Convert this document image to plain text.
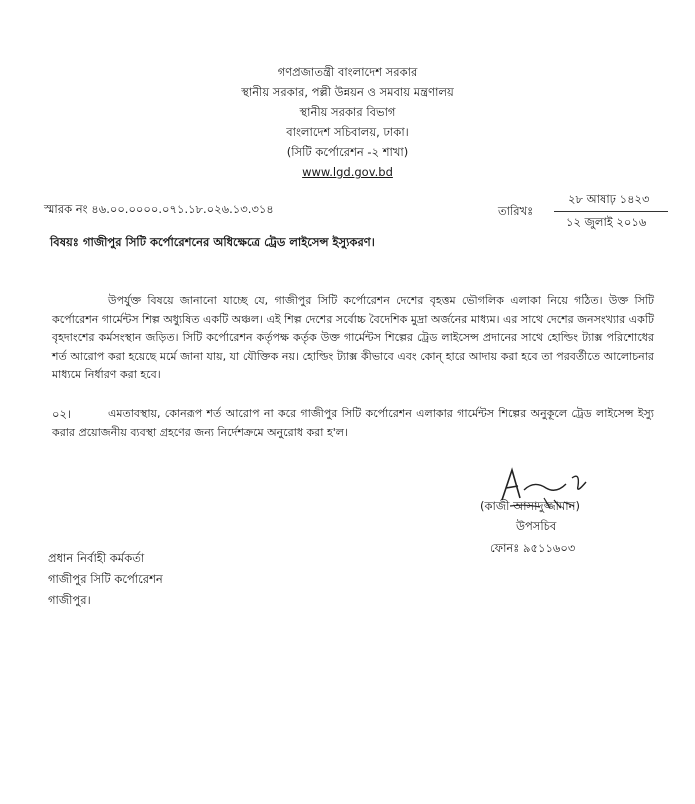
গণপ্রজাতন্ত্রী বাংলাদেশ সরকার
স্থানীয় সরকার, পল্লী উন্নয়ন ও সমবায় মন্ত্রণালয়
স্থানীয় সরকার বিভাগ
বাংলাদেশ সচিবালয়, ঢাকা।
(সিটি কর্পোরেশন -২ শাখা)
www.lgd.gov.bd
স্মারক নং ৪৬.০০.০০০০.০৭১.১৮.০২৬.১৩.৩১৪	তারিখঃ
২৮ আষাঢ় ১৪২৩
১২ জুলাই ২০১৬
বিষয়ঃ গাজীপুর সিটি কর্পোরেশনের অধিক্ষেত্রে ট্রেড লাইসেন্স ইস্যুকরণ।
উপর্যুক্ত বিষয়ে জানানো যাচ্ছে যে, গাজীপুর সিটি কর্পোরেশন দেশের বৃহত্তম ভৌগলিক এলাকা নিয়ে গঠিত। উক্ত সিটি কর্পোরেশন গার্মেন্টস শিল্প অধ্যুষিত একটি অঞ্চল। এই শিল্প দেশের সর্বোচ্চ বৈদেশিক মুদ্রা অর্জনের মাধ্যম। এর সাথে দেশের জনসংখ্যার একটি বৃহদাংশের কর্মসংস্থান জড়িত। সিটি কর্পোরেশন কর্তৃপক্ষ কর্তৃক উক্ত গার্মেন্টস শিল্পের ট্রেড লাইসেন্স প্রদানের সাথে হোল্ডিং ট্যাক্স পরিশোধের শর্ত আরোপ করা হয়েছে মর্মে জানা যায়, যা যৌক্তিক নয়। হোল্ডিং ট্যাক্স কীভাবে এবং কোন্‌ হারে আদায় করা হবে তা পরবর্তীতে আলোচনার মাধ্যমে নির্ধারণ করা হবে।
০২।	এমতাবস্থায়, কোনরূপ শর্ত আরোপ না করে গাজীপুর সিটি কর্পোরেশন এলাকার গার্মেন্টস শিল্পের অনুকূলে ট্রেড লাইসেন্স ইস্যু করার প্রয়োজনীয় ব্যবস্থা গ্রহণের জন্য নির্দেশক্রমে অনুরোধ করা হ'ল।
(কাজী আসাদুজ্জামান)
উপসচিব
ফোনঃ ৯৫১১৬০৩
প্রধান নির্বাহী কর্মকর্তা
গাজীপুর সিটি কর্পোরেশন
গাজীপুর।
